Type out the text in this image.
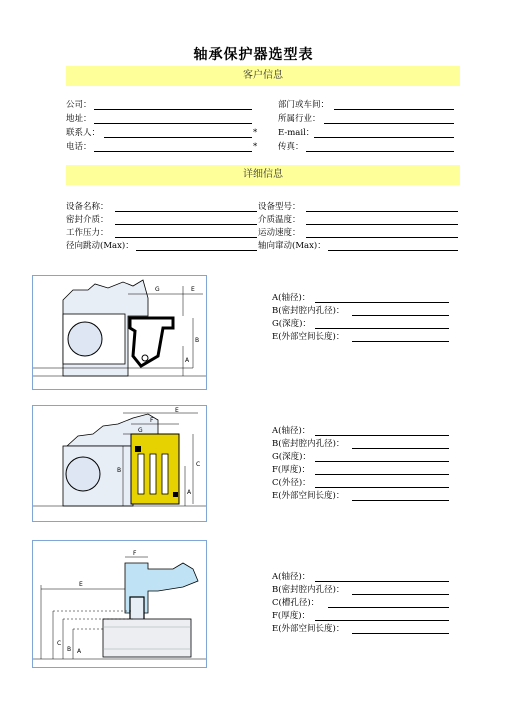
轴承保护器选型表
客户信息
公司：	部门或车间：
地址：	所属行业：
联系人：	* E-mail：
电话：	* 传真：
详细信息
设备名称：	设备型号：
密封介质：	介质温度：
工作压力：	运动速度：
径向跳动(Max)：	轴向窜动(Max)：
G	E
B
A
A(轴径)：
B(密封腔内孔径)：
G(深度)：
E(外部空间长度)：
E
F
G
B
C
A
A(轴径)：
B(密封腔内孔径)：
G(深度)：
F(厚度)：
C(外径)：
E(外部空间长度)：
F
E
C
B A
A(轴径)：
B(密封腔内孔径)：
C(槽孔径)：
F(厚度)：
E(外部空间长度)：
